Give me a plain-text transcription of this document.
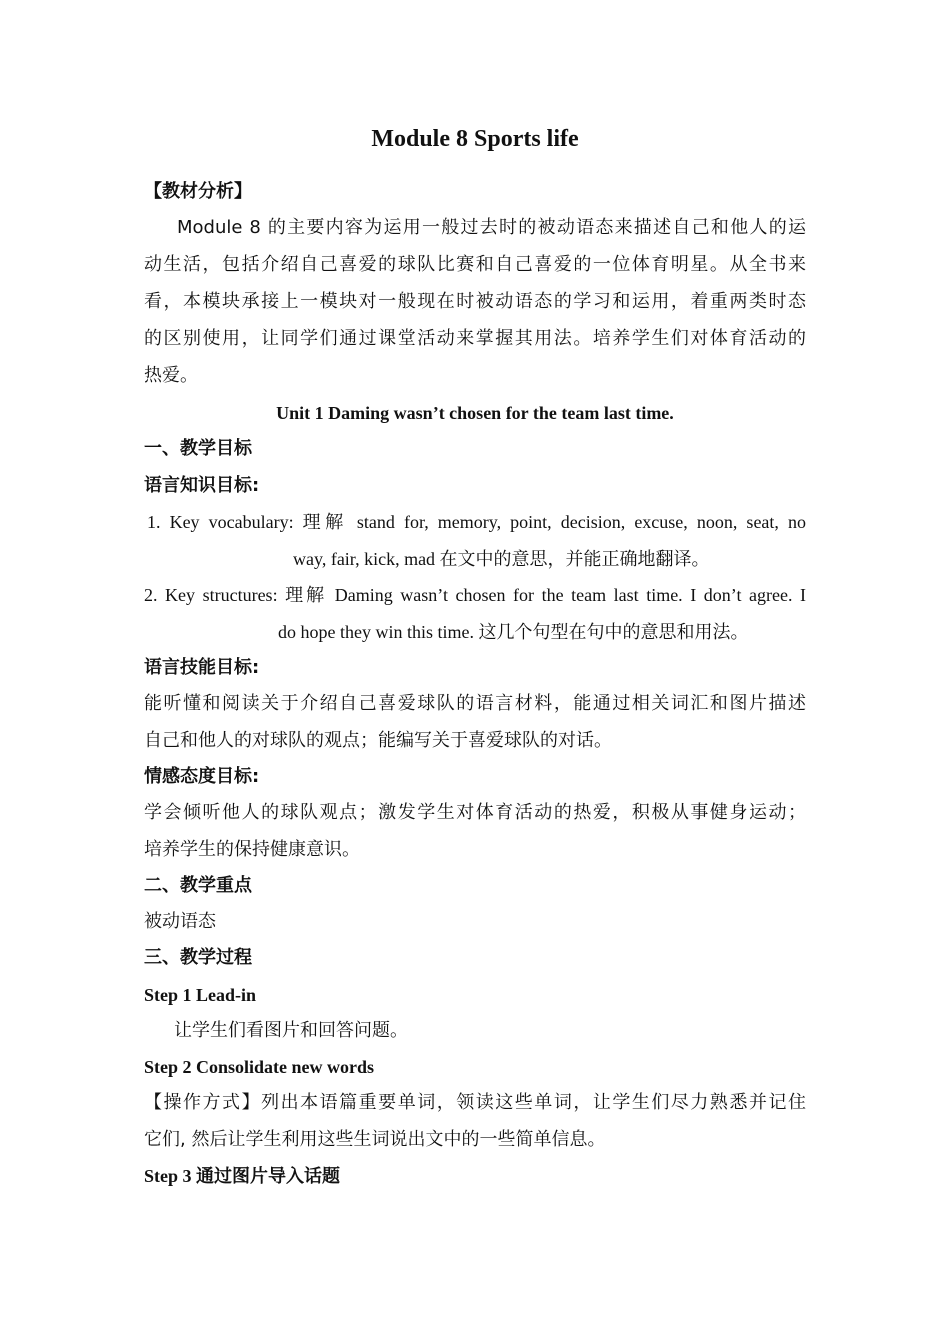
Module 8 Sports life
【教材分析】
Module 8 的主要内容为运用一般过去时的被动语态来描述自己和他人的运
动生活，包括介绍自己喜爱的球队比赛和自己喜爱的一位体育明星。从全书来
看，本模块承接上一模块对一般现在时被动语态的学习和运用，着重两类时态
的区别使用，让同学们通过课堂活动来掌握其用法。培养学生们对体育活动的
热爱。
Unit 1 Daming wasn’t chosen for the team last time.
一、教学目标
语言知识目标:
1. Key vocabulary: 理解 stand for, memory, point, decision, excuse, noon, seat, no
way, fair, kick, mad 在文中的意思，并能正确地翻译。
2. Key structures: 理解 Daming wasn’t chosen for the team last time. I don’t agree. I
do hope they win this time. 这几个句型在句中的意思和用法。
语言技能目标:
能听懂和阅读关于介绍自己喜爱球队的语言材料，能通过相关词汇和图片描述
自己和他人的对球队的观点；能编写关于喜爱球队的对话。
情感态度目标:
学会倾听他人的球队观点；激发学生对体育活动的热爱，积极从事健身运动；
培养学生的保持健康意识。
二、教学重点
被动语态
三、教学过程
Step 1 Lead-in
让学生们看图片和回答问题。
Step 2 Consolidate new words
【操作方式】列出本语篇重要单词，领读这些单词，让学生们尽力熟悉并记住
它们, 然后让学生利用这些生词说出文中的一些简单信息。
Step 3 通过图片导入话题
